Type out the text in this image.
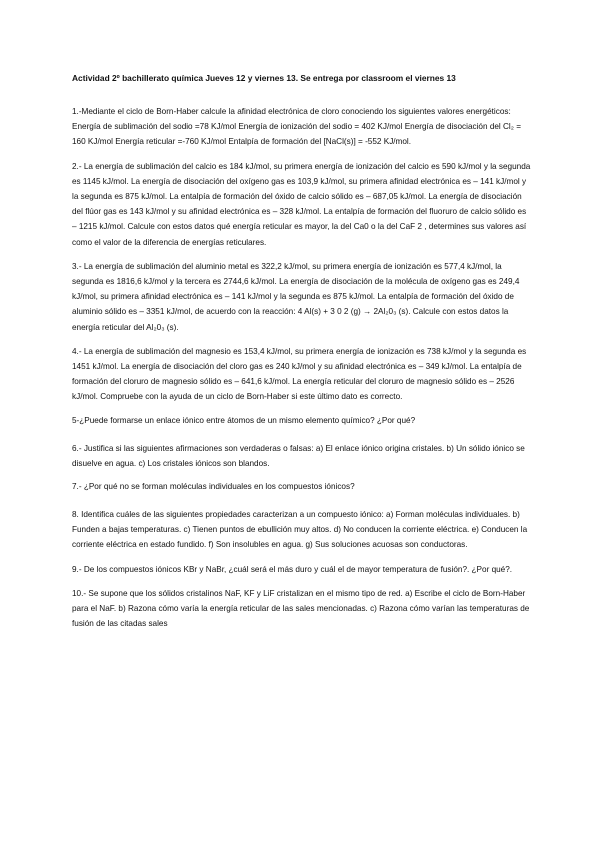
Actividad 2º bachillerato química Jueves 12 y viernes 13. Se entrega por classroom el viernes 13

1.-Mediante el ciclo de Born-Haber calcule la afinidad electrónica de cloro conociendo los siguientes valores energéticos: Energía de sublimación del sodio =78 KJ/mol Energía de ionización del sodio = 402 KJ/mol Energía de disociación del Cl₂ = 160 KJ/mol Energía reticular =-760 KJ/mol Entalpía de formación del [NaCl(s)] = -552 KJ/mol.

2.- La energía de sublimación del calcio es 184 kJ/mol, su primera energía de ionización del calcio es 590 kJ/mol y la segunda es 1145 kJ/mol. La energía de disociación del oxígeno gas es 103,9 kJ/mol, su primera afinidad electrónica es – 141 kJ/mol y la segunda es 875 kJ/mol. La entalpía de formación del óxido de calcio sólido es – 687,05 kJ/mol. La energía de disociación del flúor gas es 143 kJ/mol y su afinidad electrónica es – 328 kJ/mol. La entalpía de formación del fluoruro de calcio sólido es – 1215 kJ/mol. Calcule con estos datos qué energía reticular es mayor, la del Ca0 o la del CaF 2 , determines sus valores así como el valor de la diferencia de energías reticulares.

3.- La energía de sublimación del aluminio metal es 322,2 kJ/mol, su primera energía de ionización es 577,4 kJ/mol, la segunda es 1816,6 kJ/mol y la tercera es 2744,6 kJ/mol. La energía de disociación de la molécula de oxígeno gas es 249,4 kJ/mol, su primera afinidad electrónica es – 141 kJ/mol y la segunda es 875 kJ/mol. La entalpía de formación del óxido de aluminio sólido es – 3351 kJ/mol, de acuerdo con la reacción: 4 Al(s) + 3 0 2 (g) → 2Al₂0₃ (s). Calcule con estos datos la energía reticular del Al₂0₃ (s).

4.- La energía de sublimación del magnesio es 153,4 kJ/mol, su primera energía de ionización es 738 kJ/mol y la segunda es 1451 kJ/mol. La energía de disociación del cloro gas es 240 kJ/mol y su afinidad electrónica es – 349 kJ/mol. La entalpía de formación del cloruro de magnesio sólido es – 641,6 kJ/mol. La energía reticular del cloruro de magnesio sólido es – 2526 kJ/mol. Compruebe con la ayuda de un ciclo de Born-Haber si este último dato es correcto.

5-¿Puede formarse un enlace iónico entre átomos de un mismo elemento químico? ¿Por qué?

6.- Justifica si las siguientes afirmaciones son verdaderas o falsas: a) El enlace iónico origina cristales. b) Un sólido iónico se disuelve en agua. c) Los cristales iónicos son blandos.

7.- ¿Por qué no se forman moléculas individuales en los compuestos iónicos?

8. Identifica cuáles de las siguientes propiedades caracterizan a un compuesto iónico: a) Forman moléculas individuales. b) Funden a bajas temperaturas. c) Tienen puntos de ebullición muy altos. d) No conducen la corriente eléctrica. e) Conducen la corriente eléctrica en estado fundido. f) Son insolubles en agua. g) Sus soluciones acuosas son conductoras.

9.- De los compuestos iónicos KBr y NaBr, ¿cuál será el más duro y cuál el de mayor temperatura de fusión?. ¿Por qué?.

10.- Se supone que los sólidos cristalinos NaF, KF y LiF cristalizan en el mismo tipo de red. a) Escribe el ciclo de Born-Haber para el NaF. b) Razona cómo varía la energía reticular de las sales mencionadas. c) Razona cómo varían las temperaturas de fusión de las citadas sales
